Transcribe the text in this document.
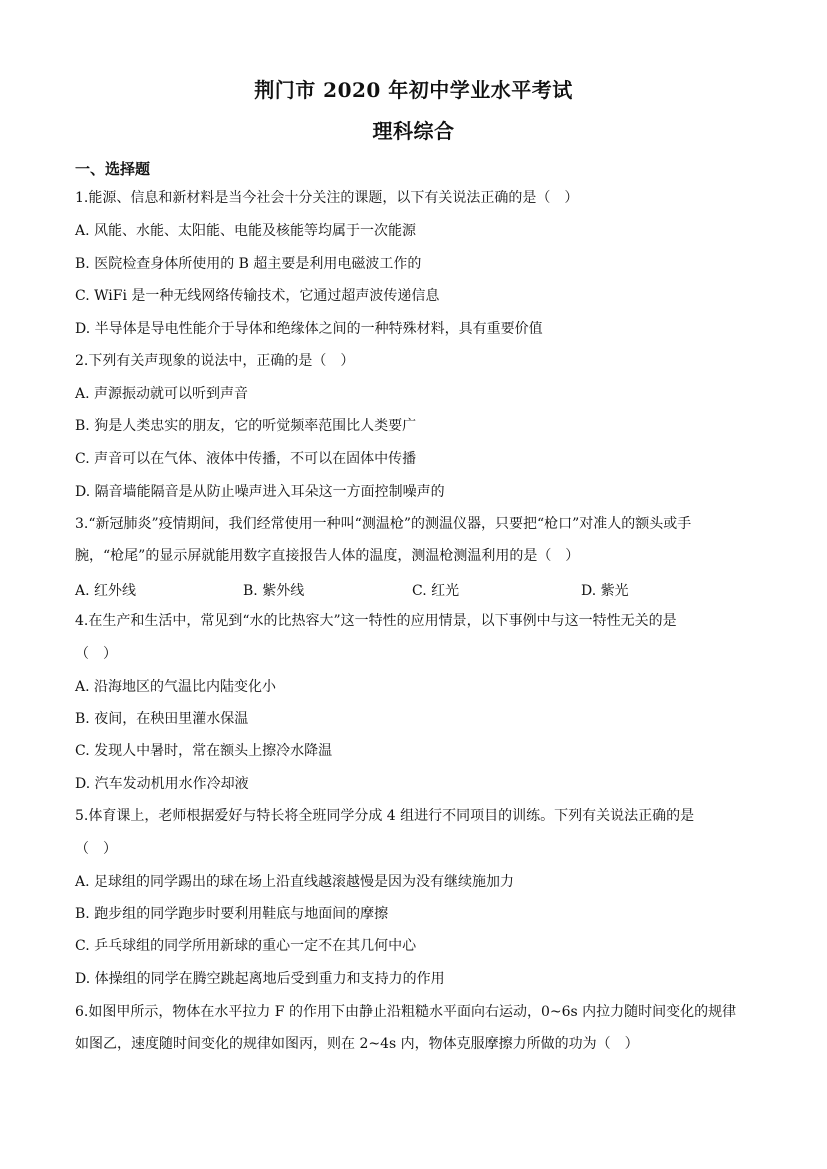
荆门市 2020 年初中学业水平考试
理科综合
一、选择题
1.能源、信息和新材料是当今社会十分关注的课题，以下有关说法正确的是（　）
A. 风能、水能、太阳能、电能及核能等均属于一次能源
B. 医院检查身体所使用的 B 超主要是利用电磁波工作的
C. WiFi 是一种无线网络传输技术，它通过超声波传递信息
D. 半导体是导电性能介于导体和绝缘体之间的一种特殊材料，具有重要价值
2.下列有关声现象的说法中，正确的是（　）
A. 声源振动就可以听到声音
B. 狗是人类忠实的朋友，它的听觉频率范围比人类要广
C. 声音可以在气体、液体中传播，不可以在固体中传播
D. 隔音墙能隔音是从防止噪声进入耳朵这一方面控制噪声的
3.“新冠肺炎”疫情期间，我们经常使用一种叫“测温枪”的测温仪器，只要把“枪口”对准人的额头或手
腕，“枪尾”的显示屏就能用数字直接报告人体的温度，测温枪测温利用的是（　）
A. 红外线	B. 紫外线	C. 红光	D. 紫光
4.在生产和生活中，常见到“水的比热容大”这一特性的应用情景，以下事例中与这一特性无关的是
（　）
A. 沿海地区的气温比内陆变化小
B. 夜间，在秧田里灌水保温
C. 发现人中暑时，常在额头上擦冷水降温
D. 汽车发动机用水作冷却液
5.体育课上，老师根据爱好与特长将全班同学分成 4 组进行不同项目的训练。下列有关说法正确的是
（　）
A. 足球组的同学踢出的球在场上沿直线越滚越慢是因为没有继续施加力
B. 跑步组的同学跑步时要利用鞋底与地面间的摩擦
C. 乒乓球组的同学所用新球的重心一定不在其几何中心
D. 体操组的同学在腾空跳起离地后受到重力和支持力的作用
6.如图甲所示，物体在水平拉力 F 的作用下由静止沿粗糙水平面向右运动，0~6s 内拉力随时间变化的规律
如图乙，速度随时间变化的规律如图丙，则在 2~4s 内，物体克服摩擦力所做的功为（　）
